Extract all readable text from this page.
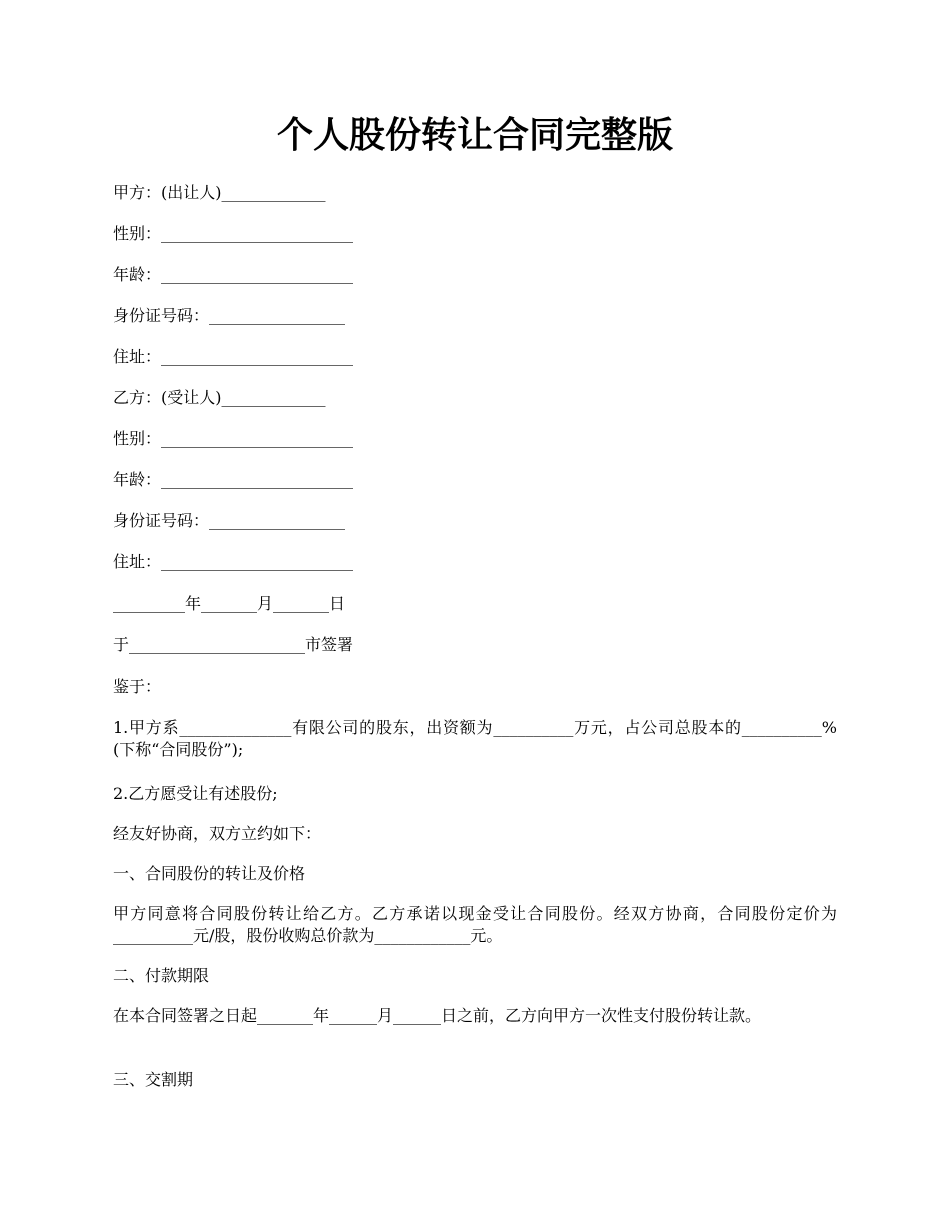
个人股份转让合同完整版

甲方：(出让人)_____________

性别：________________________

年龄：________________________

身份证号码：_________________

住址：________________________

乙方：(受让人)_____________

性别：________________________

年龄：________________________

身份证号码：_________________

住址：________________________

_________年_______月_______日

于______________________市签署

鉴于：

1.甲方系______________有限公司的股东，出资额为__________万元，占公司总股本的__________%(下称“合同股份”);

2.乙方愿受让有述股份;

经友好协商，双方立约如下：

一、合同股份的转让及价格

甲方同意将合同股份转让给乙方。乙方承诺以现金受让合同股份。经双方协商，合同股份定价为__________元/股，股份收购总价款为____________元。

二、付款期限

在本合同签署之日起_______年______月______日之前，乙方向甲方一次性支付股份转让款。

三、交割期
